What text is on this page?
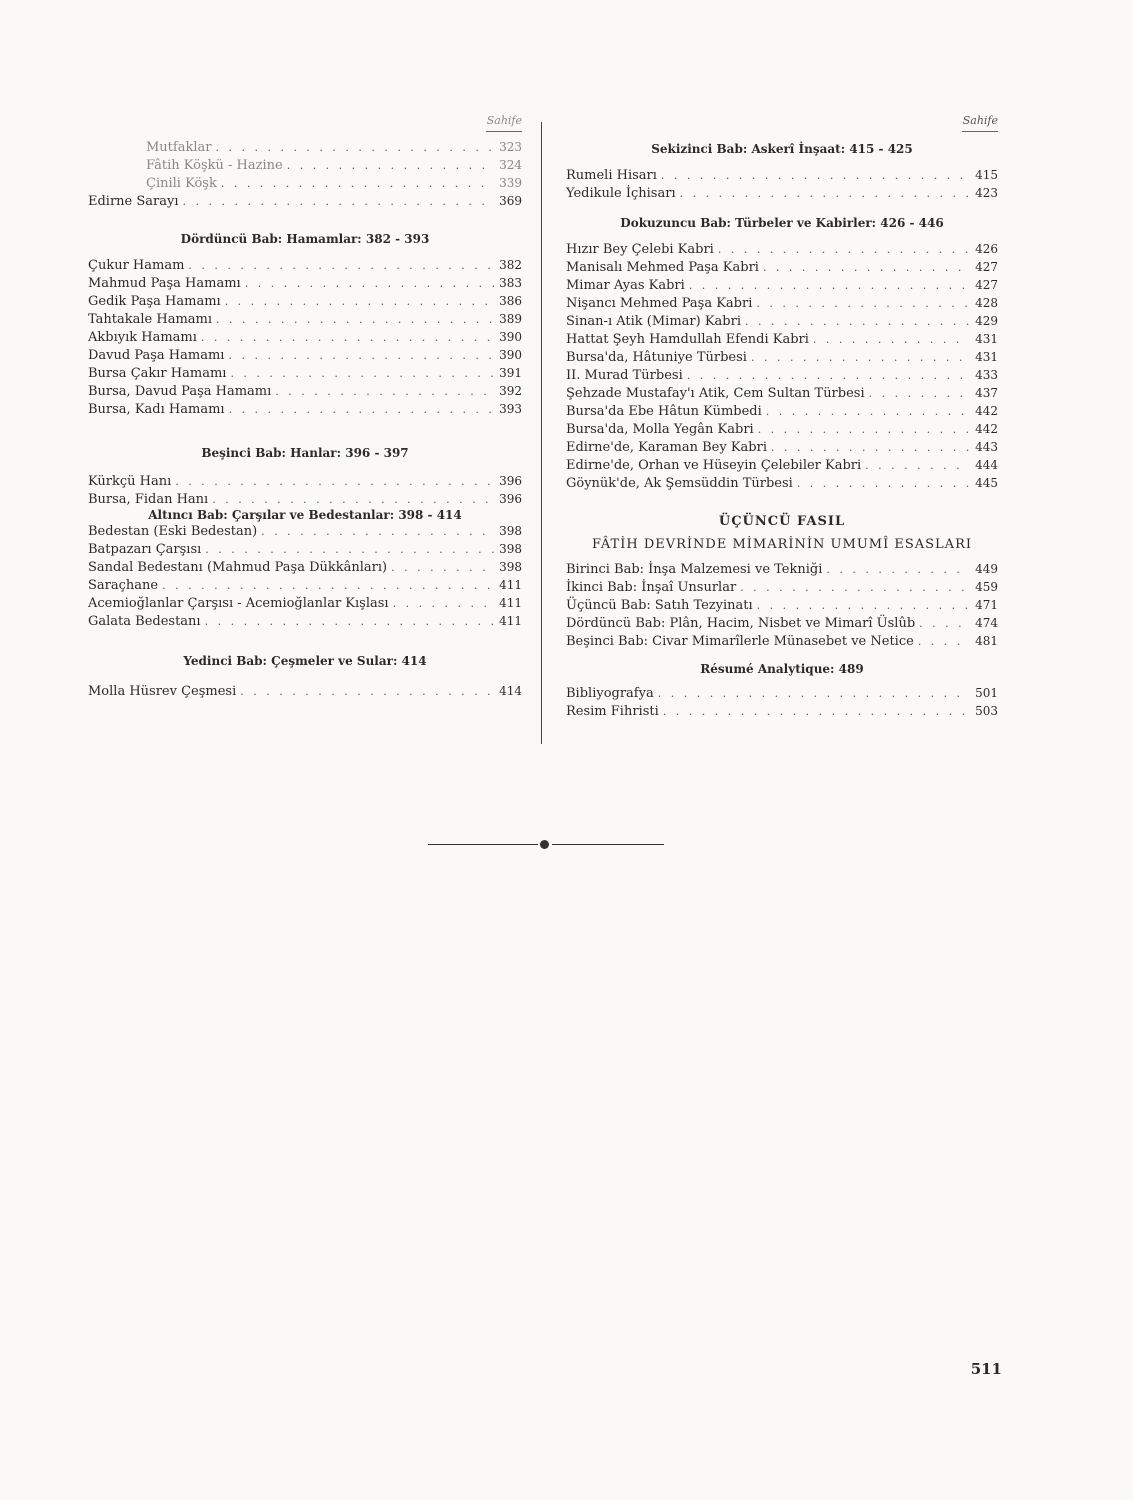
Sahife
Mutfaklar . . .	323
Fâtih Köşkü - Hazine . . .	324
Çinili Köşk . . .	339
Edirne Sarayı . . .	369
Dördüncü Bab: Hamamlar: 382 - 393
Çukur Hamam . . .	382
Mahmud Paşa Hamamı . . .	383
Gedik Paşa Hamamı . . .	386
Tahtakale Hamamı . . .	389
Akbıyık Hamamı . . .	390
Davud Paşa Hamamı . . .	390
Bursa Çakır Hamamı . . .	391
Bursa, Davud Paşa Hamamı . . .	392
Bursa, Kadı Hamamı . . .	393
Beşinci Bab: Hanlar: 396 - 397
Kürkçü Hanı . . .	396
Bursa, Fidan Hanı . . .	396
Altıncı Bab: Çarşılar ve Bedestanlar: 398 - 414
Bedestan (Eski Bedestan) . . .	398
Batpazarı Çarşısı . . .	398
Sandal Bedestanı (Mahmud Paşa Dükkânları) . . .	398
Saraçhane . . .	411
Acemioğlanlar Çarşısı - Acemioğlanlar Kışlası . . .	411
Galata Bedestanı . . .	411
Yedinci Bab: Çeşmeler ve Sular: 414
Molla Hüsrev Çeşmesi . . .	414
Sahife
Sekizinci Bab: Askerî İnşaat: 415 - 425
Rumeli Hisarı . . .	415
Yedikule İçhisarı . . .	423
Dokuzuncu Bab: Türbeler ve Kabirler: 426 - 446
Hızır Bey Çelebi Kabri . . .	426
Manisalı Mehmed Paşa Kabri . . .	427
Mimar Ayas Kabri . . .	427
Nişancı Mehmed Paşa Kabri . . .	428
Sinan-ı Atik (Mimar) Kabri . . .	429
Hattat Şeyh Hamdullah Efendi Kabri . . .	431
Bursa'da, Hâtuniye Türbesi . . .	431
II. Murad Türbesi . . .	433
Şehzade Mustafay'ı Atik, Cem Sultan Türbesi . . .	437
Bursa'da Ebe Hâtun Kümbedi . . .	442
Bursa'da, Molla Yegân Kabri . . .	442
Edirne'de, Karaman Bey Kabri . . .	443
Edirne'de, Orhan ve Hüseyin Çelebiler Kabri . . .	444
Göynük'de, Ak Şemsüddin Türbesi . . .	445
ÜÇÜNCÜ FASIL
FÂTİH DEVRİNDE MİMARİNİN UMUMÎ ESASLARI
Birinci Bab: İnşa Malzemesi ve Tekniği . . .	449
İkinci Bab: İnşaî Unsurlar . . .	459
Üçüncü Bab: Satıh Tezyinatı . . .	471
Dördüncü Bab: Plân, Hacim, Nisbet ve Mimarî Üslûb . . .	474
Beşinci Bab: Civar Mimarîlerle Münasebet ve Netice . . .	481
Résumé Analytique: 489
Bibliyografya . . .	501
Resim Fihristi . . .	503
511
